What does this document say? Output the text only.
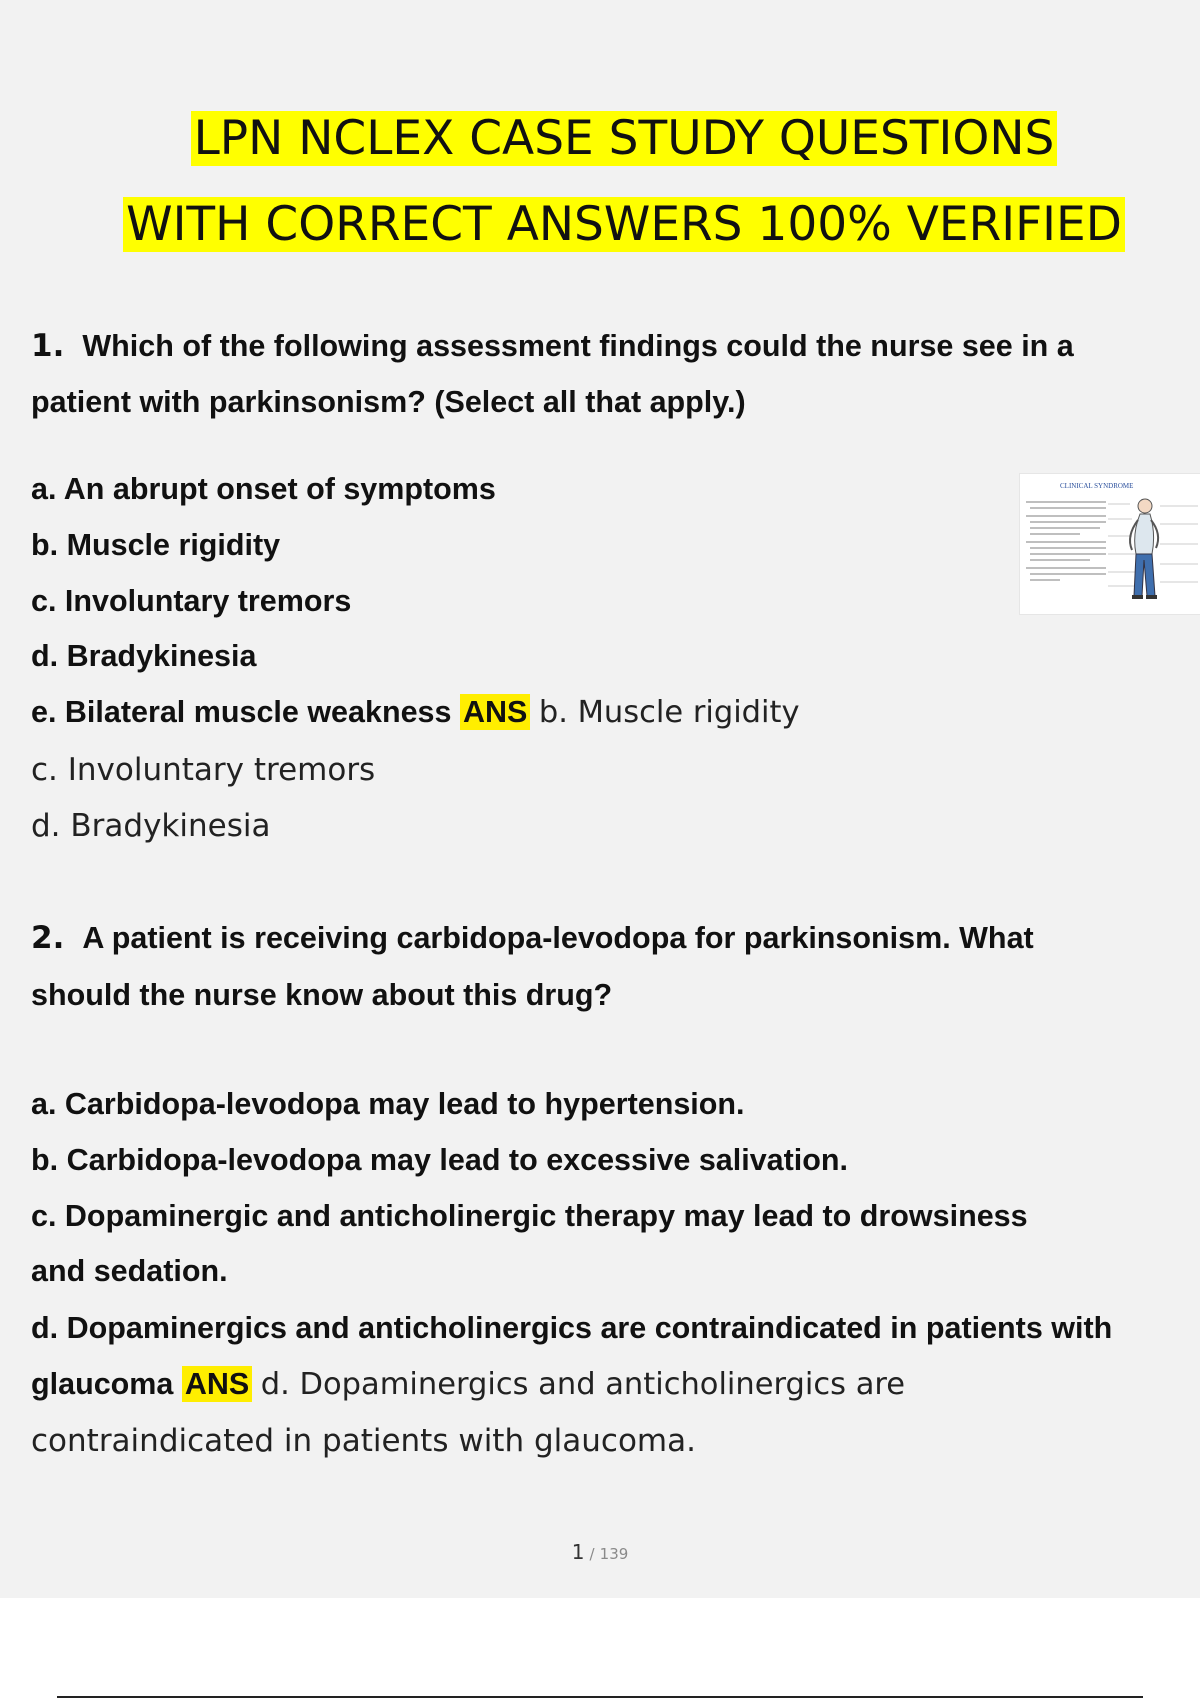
LPN NCLEX CASE STUDY QUESTIONS
WITH CORRECT ANSWERS 100% VERIFIED
1. Which of the following assessment findings could the nurse see in a
patient with parkinsonism? (Select all that apply.)
a. An abrupt onset of symptoms
b. Muscle rigidity
c. Involuntary tremors
d. Bradykinesia
e. Bilateral muscle weakness ANS b. Muscle rigidity
c. Involuntary tremors
d. Bradykinesia
CLINICAL SYNDROME
2. A patient is receiving carbidopa-levodopa for parkinsonism. What
should the nurse know about this drug?
a. Carbidopa-levodopa may lead to hypertension.
b. Carbidopa-levodopa may lead to excessive salivation.
c. Dopaminergic and anticholinergic therapy may lead to drowsiness
and sedation.
d. Dopaminergics and anticholinergics are contraindicated in patients with
glaucoma ANS d. Dopaminergics and anticholinergics are
contraindicated in patients with glaucoma.
1 / 139
